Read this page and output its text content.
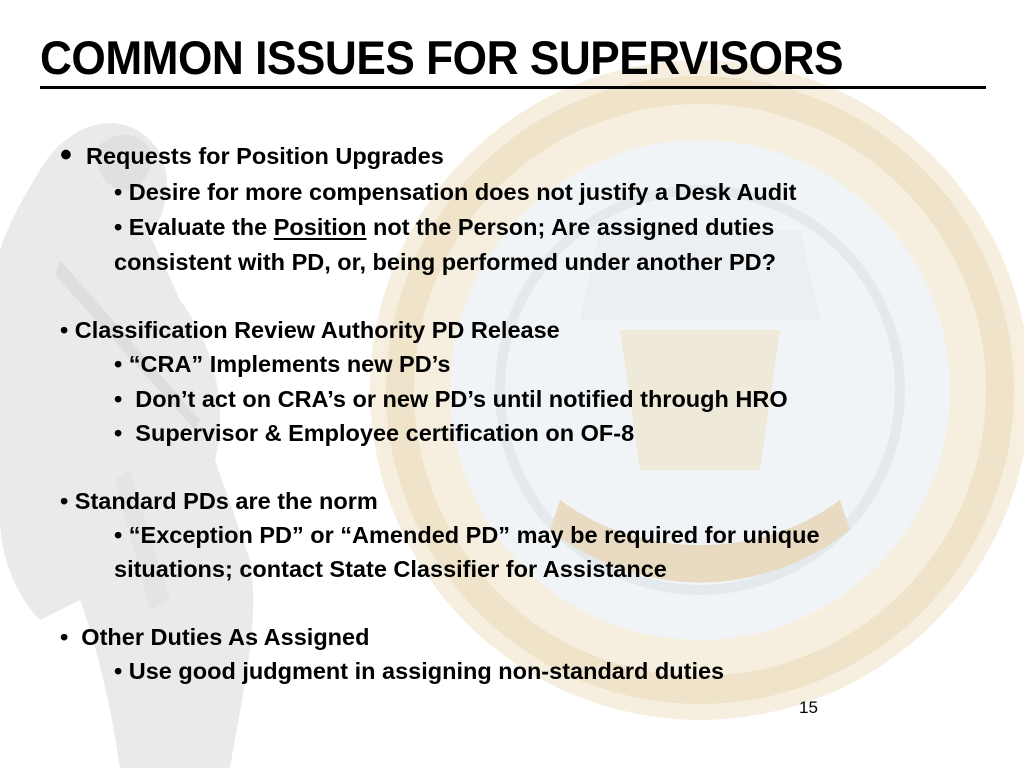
COMMON ISSUES FOR SUPERVISORS
• Requests for Position Upgrades
• Desire for more compensation does not justify a Desk Audit
• Evaluate the Position not the Person; Are assigned duties
consistent with PD, or, being performed under another PD?
• Classification Review Authority PD Release
• “CRA” Implements new PD’s
• Don’t act on CRA’s or new PD’s until notified through HRO
• Supervisor & Employee certification on OF-8
• Standard PDs are the norm
• “Exception PD” or “Amended PD” may be required for unique
situations; contact State Classifier for Assistance
• Other Duties As Assigned
• Use good judgment in assigning non-standard duties
15
